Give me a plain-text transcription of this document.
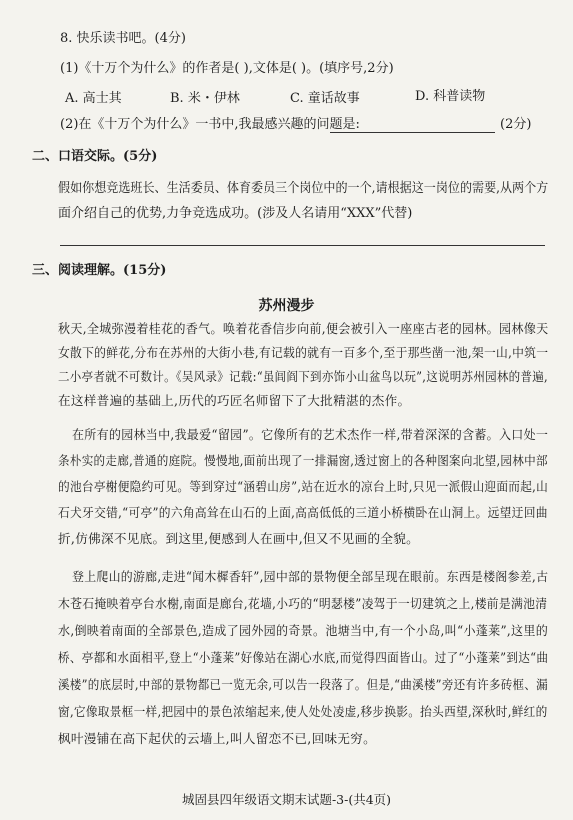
8. 快乐读书吧。(4分)
(1)《十万个为什么》的作者是( ),文体是( )。(填序号,2分)
A. 高士其	B. 米・伊林	C. 童话故事	D. 科普读物
(2)在《十万个为什么》一书中,我最感兴趣的问题是:	(2分)
二、口语交际。(5分)
假如你想竞选班长、生活委员、体育委员三个岗位中的一个,请根据这一岗位的需要,从两个方
面介绍自己的优势,力争竞选成功。(涉及人名请用“XXX”代替)
三、阅读理解。(15分)
苏州漫步
秋天,全城弥漫着桂花的香气。唤着花香信步向前,便会被引入一座座古老的园林。园林像天
女散下的鲜花,分布在苏州的大街小巷,有记载的就有一百多个,至于那些凿一池,架一山,中筑一
二小亭者就不可数计。《吴风录》记载:“虽闾阎下到亦饰小山盆鸟以玩”,这说明苏州园林的普遍,
在这样普遍的基础上,历代的巧匠名师留下了大批精湛的杰作。
在所有的园林当中,我最爱“留园”。它像所有的艺术杰作一样,带着深深的含蓄。入口处一
条朴实的走廊,普通的庭院。慢慢地,面前出现了一排漏窗,透过窗上的各种图案向北望,园林中部
的池台亭榭便隐约可见。等到穿过“涵碧山房”,站在近水的凉台上时,只见一派假山迎面而起,山
石犬牙交错,“可亭”的六角高耸在山石的上面,高高低低的三道小桥横卧在山洞上。远望迂回曲
折,仿佛深不见底。到这里,便感到人在画中,但又不见画的全貌。
登上爬山的游廊,走进“闻木樨香轩”,园中部的景物便全部呈现在眼前。东西是楼阁参差,古
木苍石掩映着亭台水榭,南面是廊台,花墙,小巧的“明瑟楼”凌驾于一切建筑之上,楼前是满池清
水,倒映着南面的全部景色,造成了园外园的奇景。池塘当中,有一个小岛,叫“小蓬莱”,这里的
桥、亭都和水面相平,登上“小蓬莱”好像站在湖心水底,而觉得四面皆山。过了“小蓬莱”到达“曲
溪楼”的底层时,中部的景物都已一览无余,可以告一段落了。但是,“曲溪楼”旁还有许多砖框、漏
窗,它像取景框一样,把园中的景色浓缩起来,使人处处凌虚,移步换影。抬头西望,深秋时,鲜红的
枫叶漫铺在高下起伏的云墙上,叫人留恋不已,回味无穷。
城固县四年级语文期末试题-3-(共4页)
